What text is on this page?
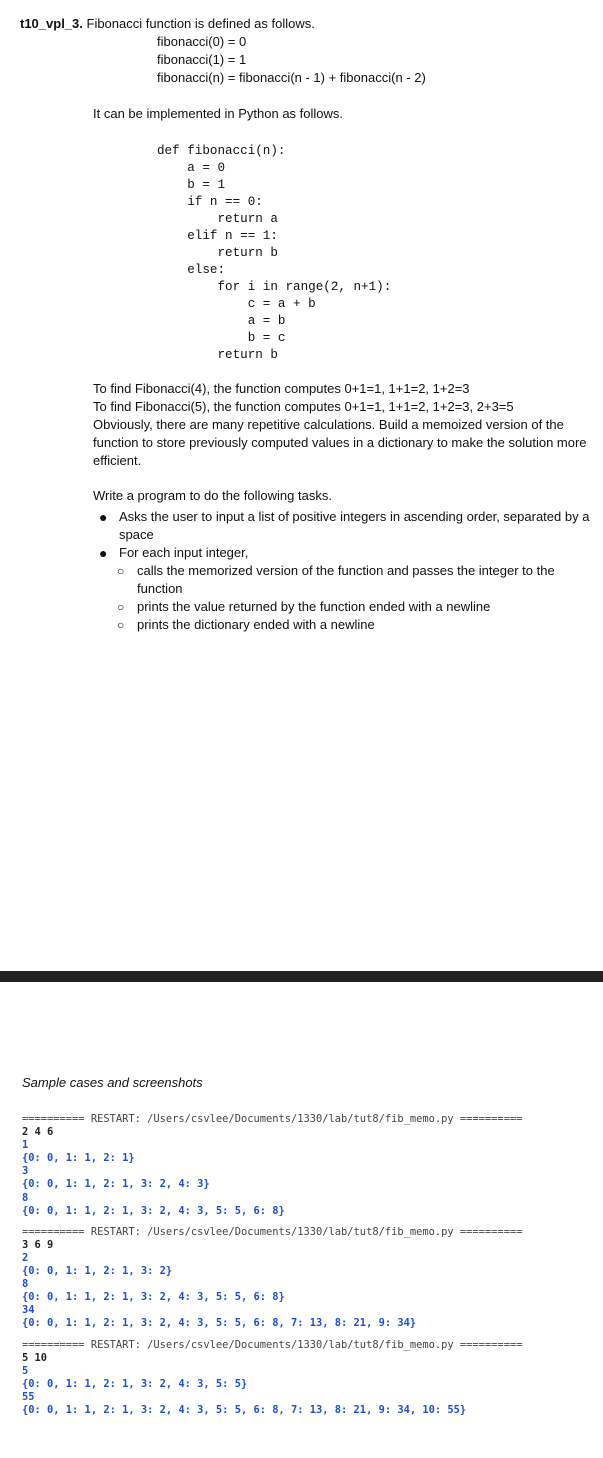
t10_vpl_3. Fibonacci function is defined as follows.
fibonacci(0) = 0
fibonacci(1) = 1
fibonacci(n) = fibonacci(n - 1) + fibonacci(n - 2)
It can be implemented in Python as follows.
def fibonacci(n):
a = 0
b = 1
if n == 0:
return a
elif n == 1:
return b
else:
for i in range(2, n+1):
c = a + b
a = b
b = c
return b
To find Fibonacci(4), the function computes 0+1=1, 1+1=2, 1+2=3
To find Fibonacci(5), the function computes 0+1=1, 1+1=2, 1+2=3, 2+3=5
Obviously, there are many repetitive calculations. Build a memoized version of the function to store previously computed values in a dictionary to make the solution more efficient.
Write a program to do the following tasks.
● Asks the user to input a list of positive integers in ascending order, separated by a space
● For each input integer,
○ calls the memorized version of the function and passes the integer to the function
○ prints the value returned by the function ended with a newline
○ prints the dictionary ended with a newline
Sample cases and screenshots
========== RESTART: /Users/csvlee/Documents/1330/lab/tut8/fib_memo.py ==========
2 4 6
1
{0: 0, 1: 1, 2: 1}
3
{0: 0, 1: 1, 2: 1, 3: 2, 4: 3}
8
{0: 0, 1: 1, 2: 1, 3: 2, 4: 3, 5: 5, 6: 8}
========== RESTART: /Users/csvlee/Documents/1330/lab/tut8/fib_memo.py ==========
3 6 9
2
{0: 0, 1: 1, 2: 1, 3: 2}
8
{0: 0, 1: 1, 2: 1, 3: 2, 4: 3, 5: 5, 6: 8}
34
{0: 0, 1: 1, 2: 1, 3: 2, 4: 3, 5: 5, 6: 8, 7: 13, 8: 21, 9: 34}
========== RESTART: /Users/csvlee/Documents/1330/lab/tut8/fib_memo.py ==========
5 10
5
{0: 0, 1: 1, 2: 1, 3: 2, 4: 3, 5: 5}
55
{0: 0, 1: 1, 2: 1, 3: 2, 4: 3, 5: 5, 6: 8, 7: 13, 8: 21, 9: 34, 10: 55}
